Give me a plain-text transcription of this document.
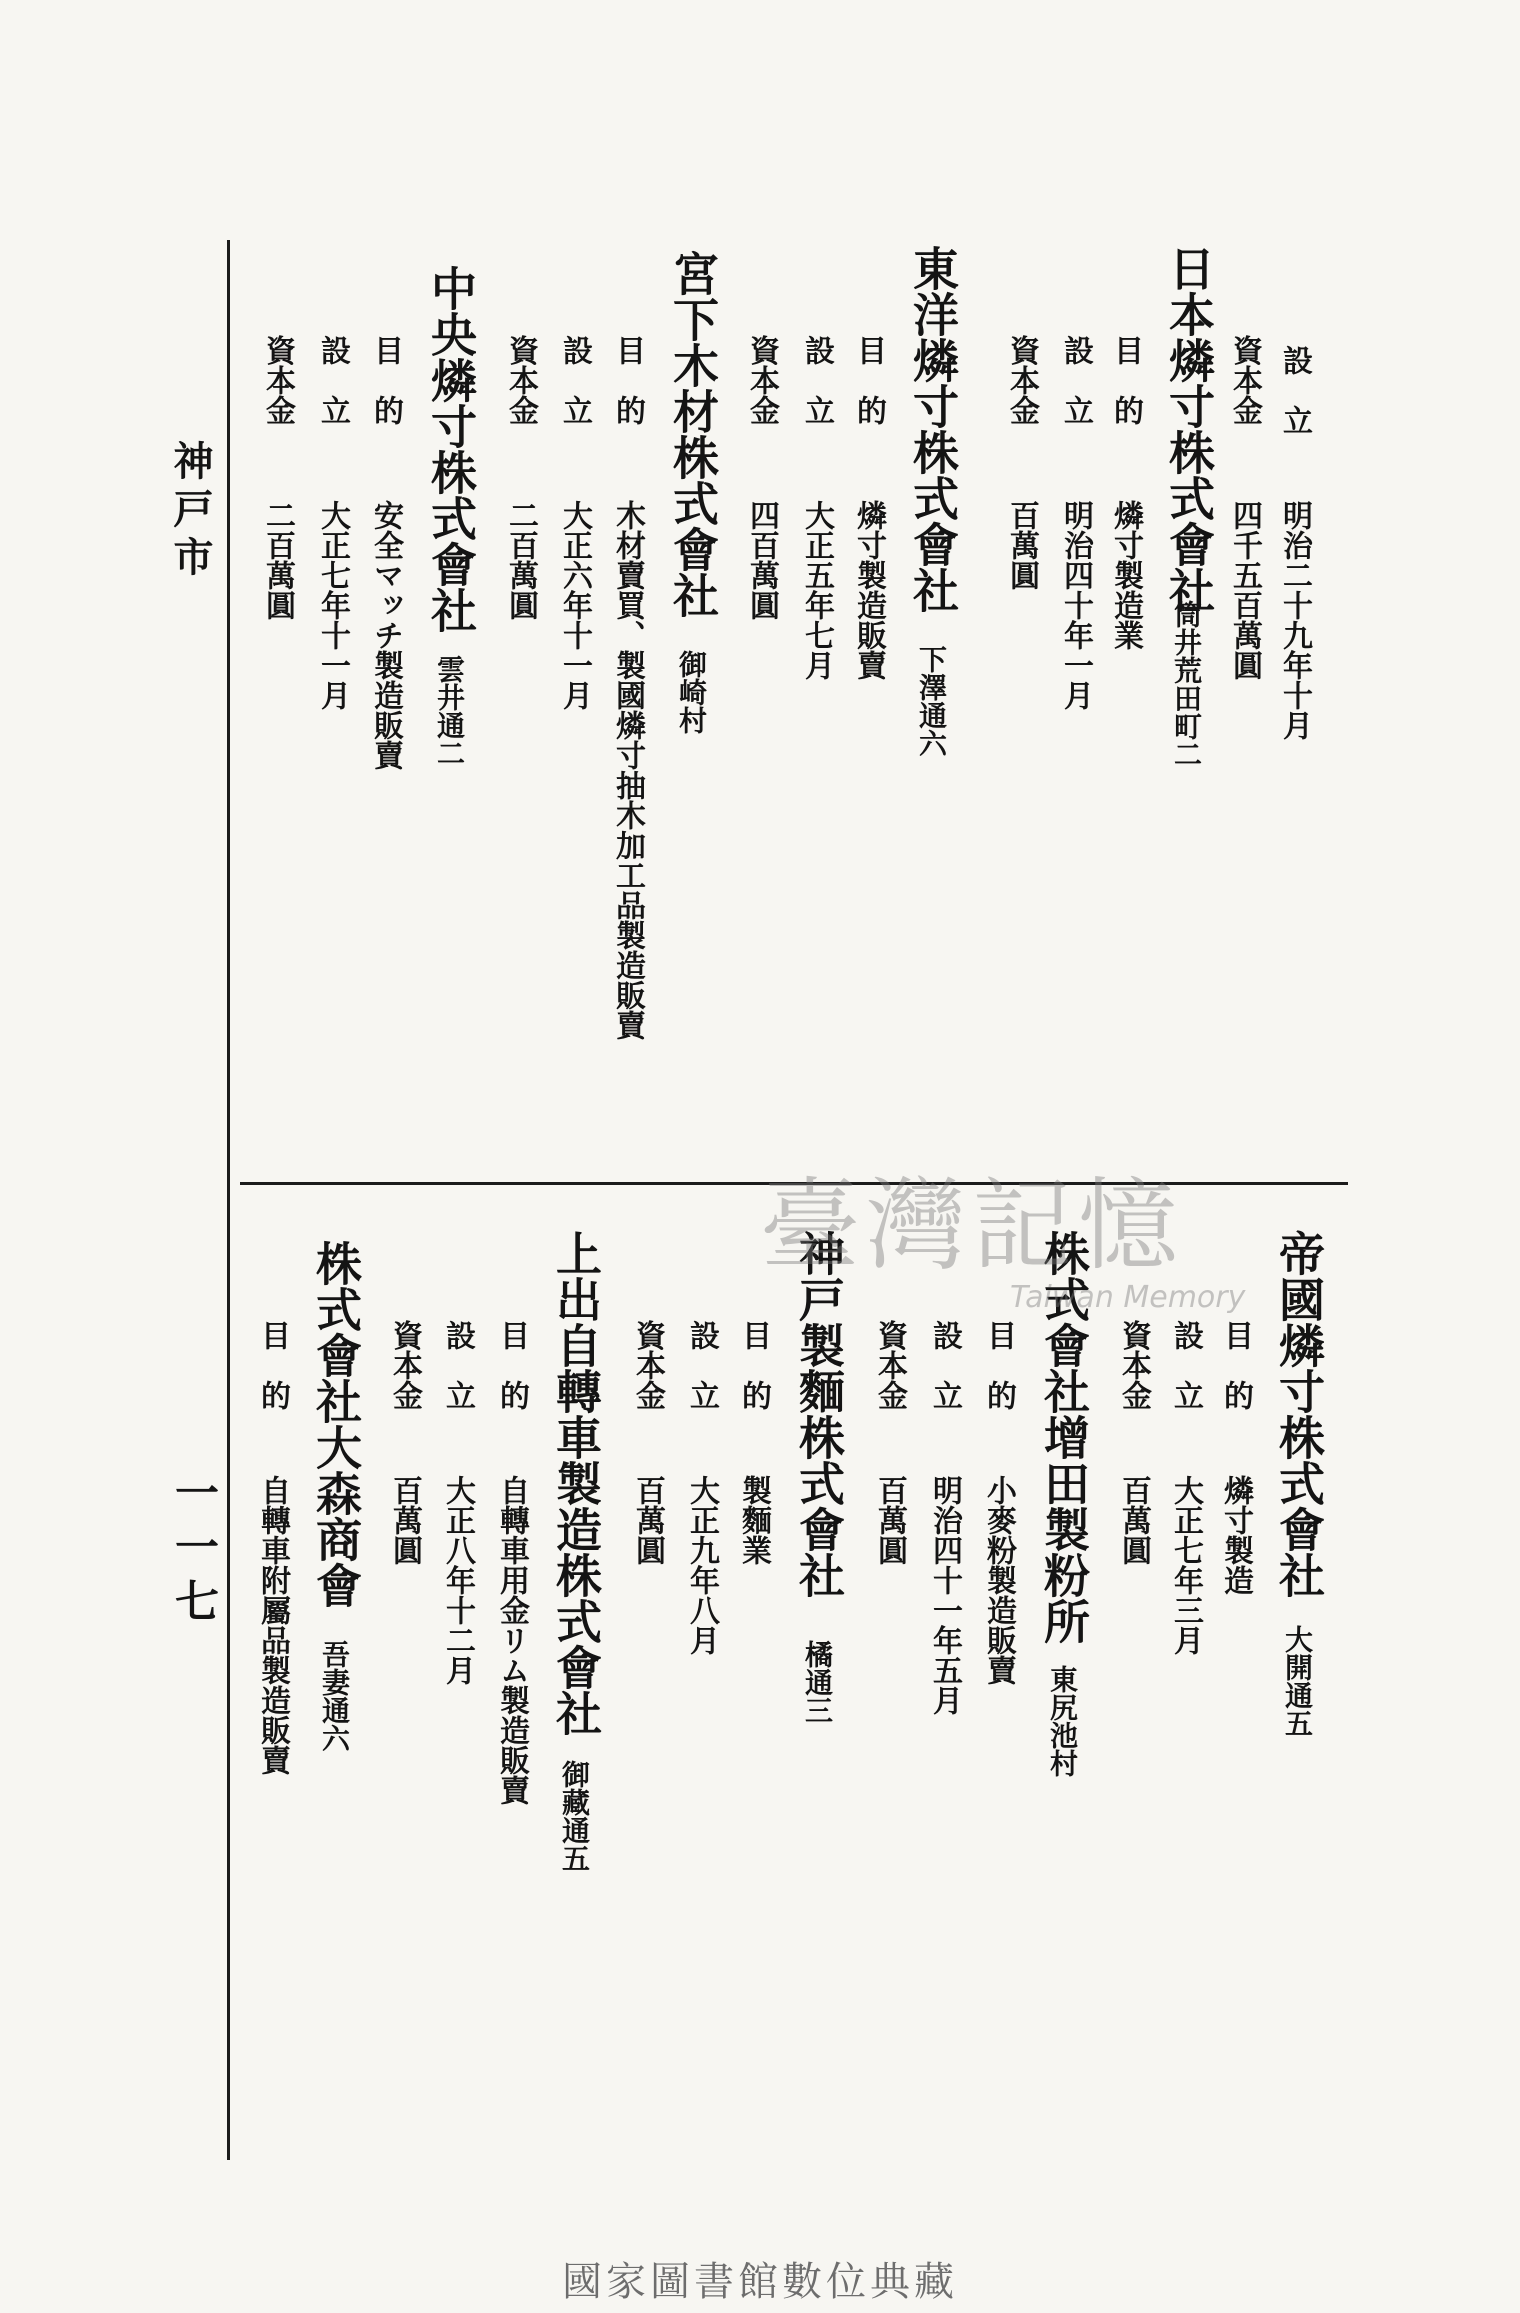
神戸市
一一七
日本燐寸株式會社
筒井荒田町二
設　立
明治二十九年十月
資本金
四千五百萬圓
目　的
燐寸製造業
設　立
明治四十年一月
資本金
百萬圓
東洋燐寸株式會社
下澤通六
目　的
燐寸製造販賣
設　立
大正五年七月
資本金
四百萬圓
宮下木材株式會社
御崎村
目　的
木材賣買、製國燐寸抽木加工品製造販賣
設　立
大正六年十一月
資本金
二百萬圓
中央燐寸株式會社
雲井通二
目　的
安全マッチ製造販賣
設　立
大正七年十一月
資本金
二百萬圓
帝國燐寸株式會社
大開通五
目　的
燐寸製造
設　立
大正七年三月
資本金
百萬圓
株式會社增田製粉所
東尻池村
目　的
小麥粉製造販賣
設　立
明治四十一年五月
資本金
百萬圓
神戸製麵株式會社
橘通三
目　的
製麵業
設　立
大正九年八月
資本金
百萬圓
上出自轉車製造株式會社
御藏通五
目　的
自轉車用金リム製造販賣
設　立
大正八年十二月
資本金
百萬圓
株式會社大森商會
吾妻通六
目　的
自轉車附屬品製造販賣
臺灣記憶
Taiwan Memory
國家圖書館數位典藏
